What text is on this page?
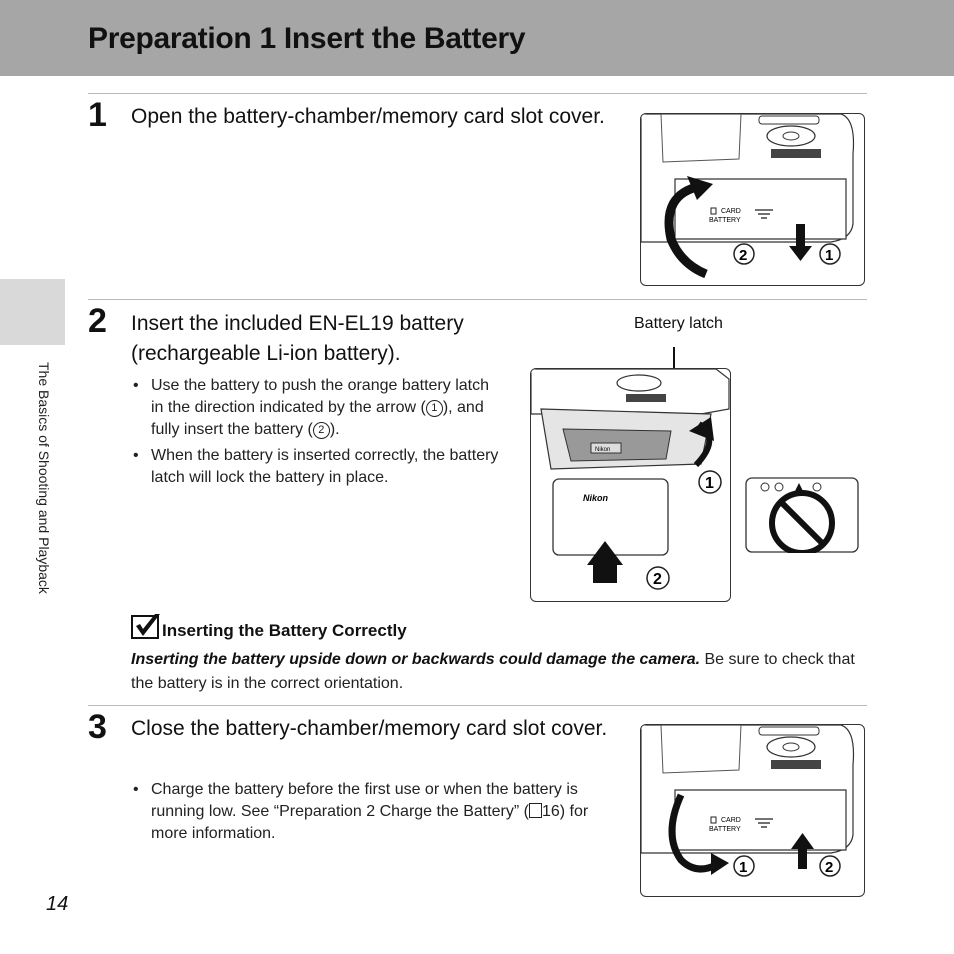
Preparation 1 Insert the Battery
The Basics of Shooting and Playback
1 Open the battery-chamber/memory card slot cover.
CARD
BATTERY
2	1
2 Insert the included EN-EL19 battery (rechargeable Li-ion battery).
• Use the battery to push the orange battery latch in the direction indicated by the arrow ( 1 ), and fully insert the battery ( 2 ).
• When the battery is inserted correctly, the battery latch will lock the battery in place.
Battery latch
Nikon
Nikon
1
2
Inserting the Battery Correctly
Inserting the battery upside down or backwards could damage the camera. Be sure to check that the battery is in the correct orientation.
3 Close the battery-chamber/memory card slot cover.
• Charge the battery before the first use or when the battery is running low. See “Preparation 2 Charge the Battery” ( 16) for more information.
CARD
BATTERY
1	2
14
